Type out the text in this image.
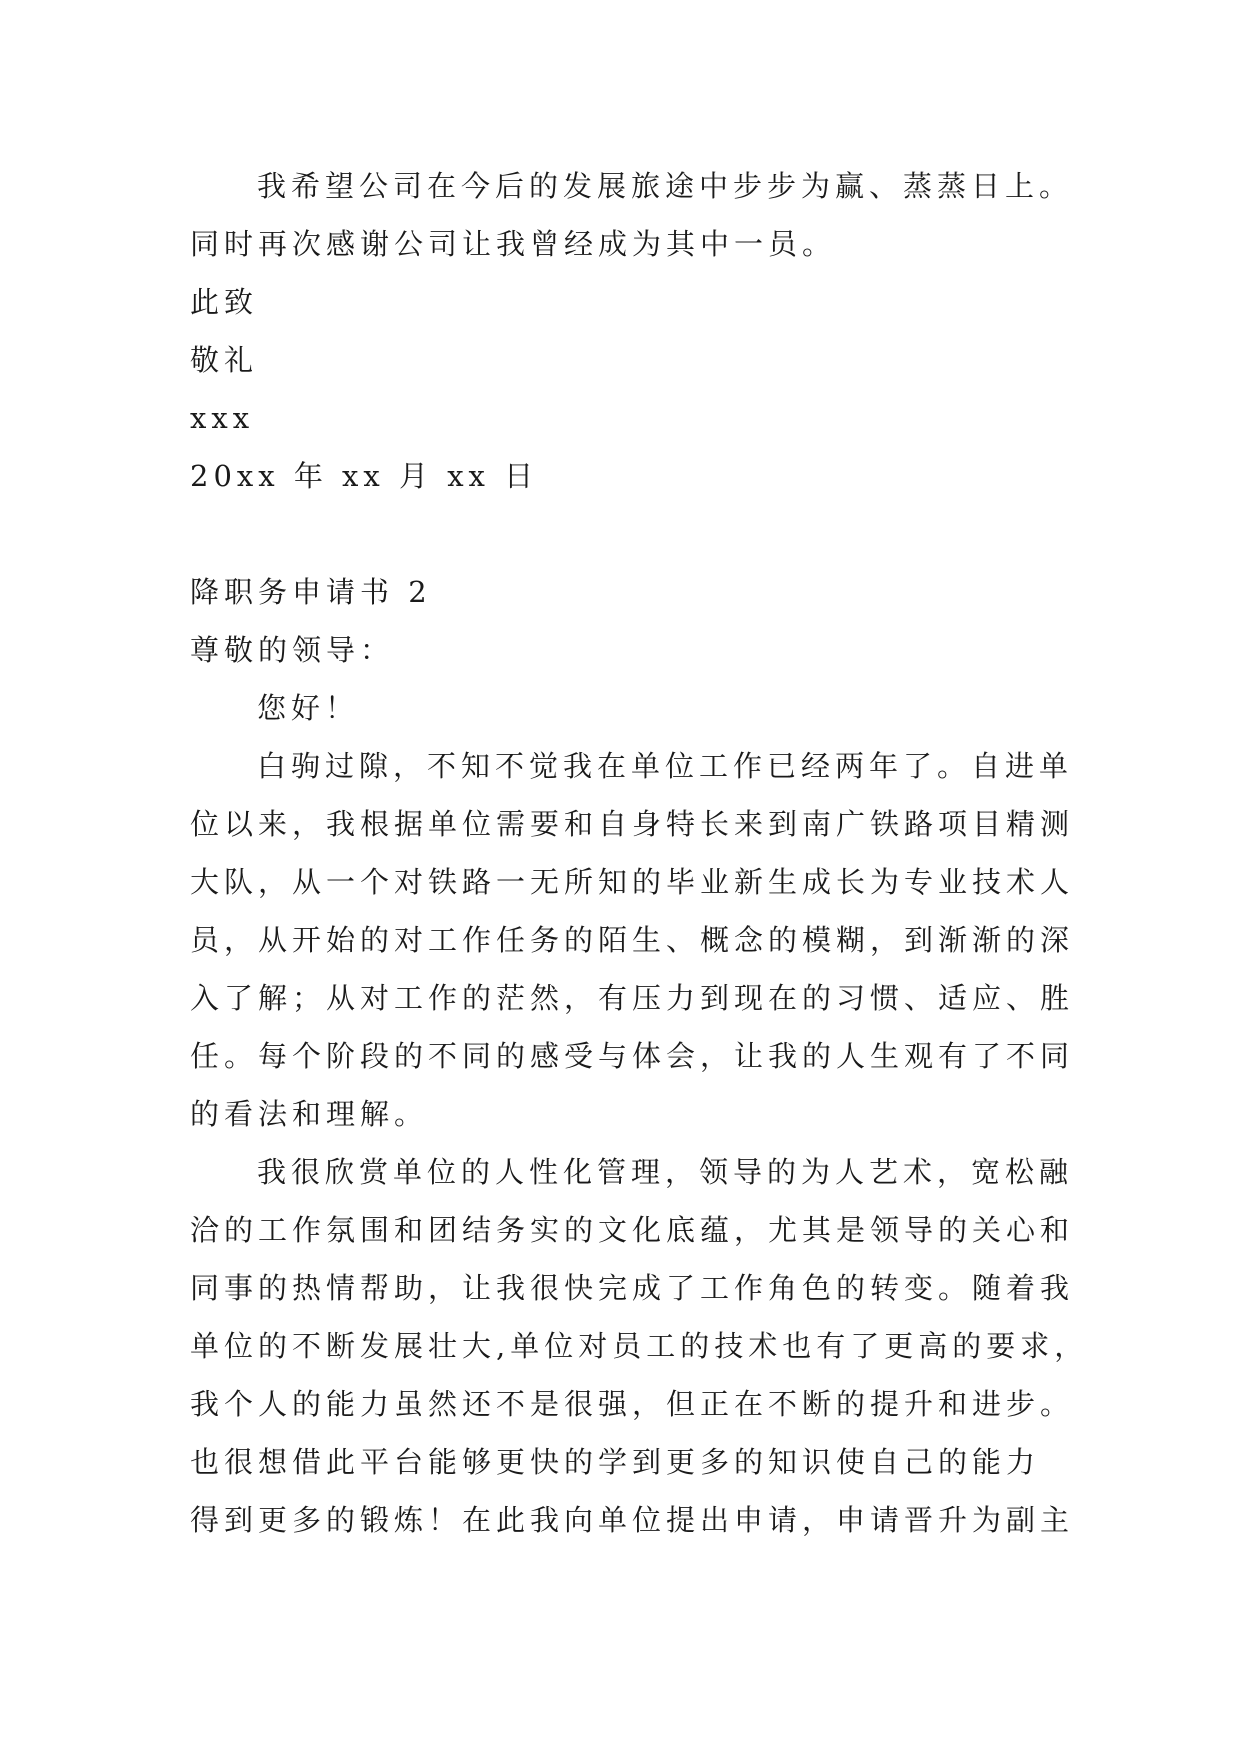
我希望公司在今后的发展旅途中步步为赢、蒸蒸日上。
同时再次感谢公司让我曾经成为其中一员。
此致
敬礼
xxx
20xx 年 xx 月 xx 日
降职务申请书 2
尊敬的领导：
您好！
白驹过隙，不知不觉我在单位工作已经两年了。自进单
位以来，我根据单位需要和自身特长来到南广铁路项目精测
大队，从一个对铁路一无所知的毕业新生成长为专业技术人
员，从开始的对工作任务的陌生、概念的模糊，到渐渐的深
入了解；从对工作的茫然，有压力到现在的习惯、适应、胜
任。每个阶段的不同的感受与体会，让我的人生观有了不同
的看法和理解。
我很欣赏单位的人性化管理，领导的为人艺术，宽松融
洽的工作氛围和团结务实的文化底蕴，尤其是领导的关心和
同事的热情帮助，让我很快完成了工作角色的转变。随着我
单位的不断发展壮大,单位对员工的技术也有了更高的要求，
我个人的能力虽然还不是很强，但正在不断的提升和进步。
也很想借此平台能够更快的学到更多的知识使自己的能力
得到更多的锻炼！在此我向单位提出申请，申请晋升为副主
